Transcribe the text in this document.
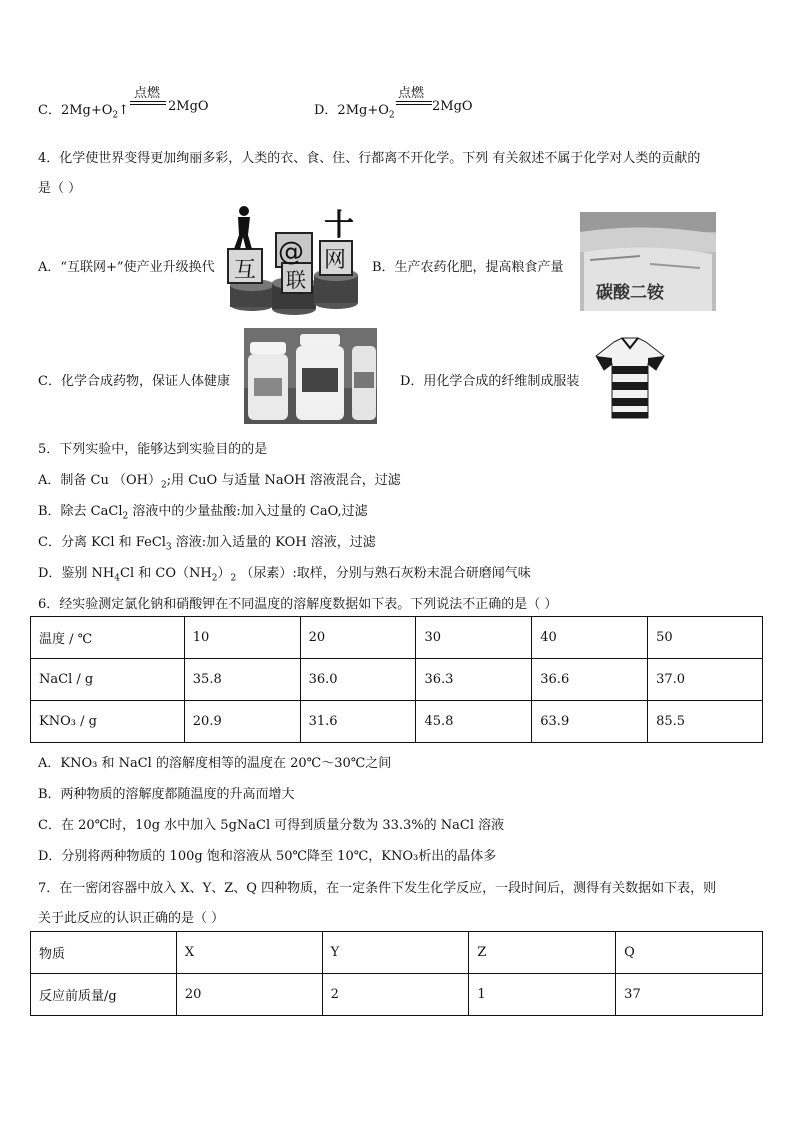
C．$2Mg+O_2↑$
点燃
2MgO	D．$2Mg+O_2$
点燃
2MgO
4．化学使世界变得更加绚丽多彩，人类的衣、食、住、行都离不开化学。下列 有关叙述不属于化学对人类的贡献的
是（ ）
A．“互联网+”使产业升级换代 互
@
联
网
十
B．生产农药化肥，提高粮食产量
碳酸二铵
C．化学合成药物，保证人体健康	D．用化学合成的纤维制成服装
5．下列实验中，能够达到实验目的的是
A．制备 Cu $(OH)_2$;用 CuO 与适量 NaOH 溶液混合，过滤
B．除去 CaCl$_2$ 溶液中的少量盐酸:加入过量的 CaO,过滤
C．分离 KCl 和 FeCl$_3$ 溶液:加入适量的 KOH 溶液，过滤
D．鉴别 $NH_4Cl$ 和 $CO(NH_2)_2$ （尿素）:取样，分别与熟石灰粉末混合研磨闻气味
6．经实验测定氯化钠和硝酸钾在不同温度的溶解度数据如下表。下列说法不正确的是（ ）
温度 / ℃	10	20	30	40	50
NaCl / g	35.8	36.0	36.3	36.6	37.0
KNO₃ / g	20.9	31.6	45.8	63.9	85.5
A．KNO₃ 和 NaCl 的溶解度相等的温度在 20℃～30℃之间
B．两种物质的溶解度都随温度的升高而增大
C．在 20℃时，10g 水中加入 5gNaCl 可得到质量分数为 33.3%的 NaCl 溶液
D．分别将两种物质的 100g 饱和溶液从 50℃降至 10℃，KNO₃析出的晶体多
7．在一密闭容器中放入 X、Y、Z、Q 四种物质，在一定条件下发生化学反应，一段时间后，测得有关数据如下表，则
关于此反应的认识正确的是（ ）
物质	X	Y	Z	Q
反应前质量/g	20	2	1	37
